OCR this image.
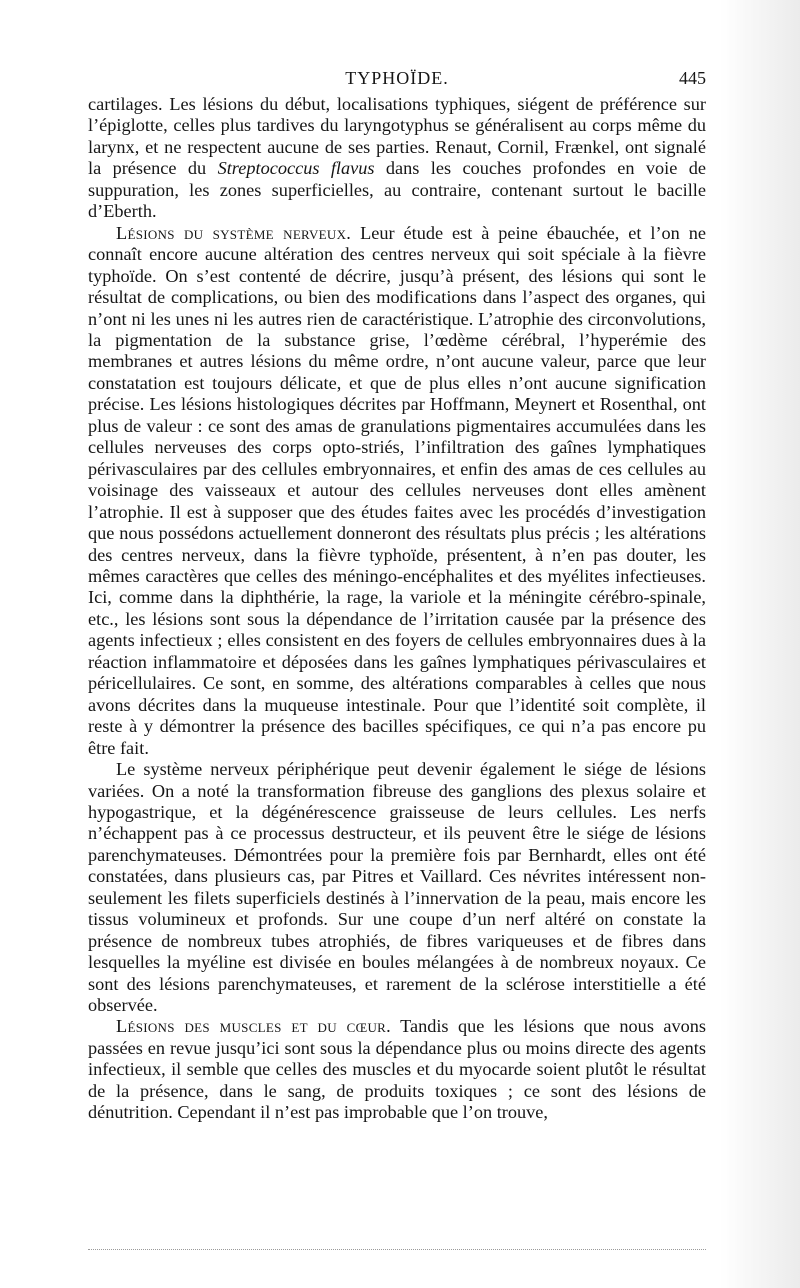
TYPHOÏDE.	445

cartilages. Les lésions du début, localisations typhiques, siégent de préférence sur l’épiglotte, celles plus tardives du laryngotyphus se généralisent au corps même du larynx, et ne respectent aucune de ses parties. Renaut, Cornil, Frænkel, ont signalé la présence du Streptococcus flavus dans les couches profondes en voie de suppuration, les zones superficielles, au contraire, contenant surtout le bacille d’Eberth.

Lésions du système nerveux. Leur étude est à peine ébauchée, et l’on ne connaît encore aucune altération des centres nerveux qui soit spéciale à la fièvre typhoïde. On s’est contenté de décrire, jusqu’à présent, des lésions qui sont le résultat de complications, ou bien des modifications dans l’aspect des organes, qui n’ont ni les unes ni les autres rien de caractéristique. L’atrophie des circonvolutions, la pigmentation de la substance grise, l’œdème cérébral, l’hyperémie des membranes et autres lésions du même ordre, n’ont aucune valeur, parce que leur constatation est toujours délicate, et que de plus elles n’ont aucune signification précise. Les lésions histologiques décrites par Hoffmann, Meynert et Rosenthal, ont plus de valeur : ce sont des amas de granulations pigmentaires accumulées dans les cellules nerveuses des corps opto-striés, l’infiltration des gaînes lymphatiques périvasculaires par des cellules embryonnaires, et enfin des amas de ces cellules au voisinage des vaisseaux et autour des cellules nerveuses dont elles amènent l’atrophie. Il est à supposer que des études faites avec les procédés d’investigation que nous possédons actuellement donneront des résultats plus précis ; les altérations des centres nerveux, dans la fièvre typhoïde, présentent, à n’en pas douter, les mêmes caractères que celles des méningo-encéphalites et des myélites infectieuses. Ici, comme dans la diphthérie, la rage, la variole et la méningite cérébro-spinale, etc., les lésions sont sous la dépendance de l’irritation causée par la présence des agents infectieux ; elles consistent en des foyers de cellules embryonnaires dues à la réaction inflammatoire et déposées dans les gaînes lymphatiques périvasculaires et péricellulaires. Ce sont, en somme, des altérations comparables à celles que nous avons décrites dans la muqueuse intestinale. Pour que l’identité soit complète, il reste à y démontrer la présence des bacilles spécifiques, ce qui n’a pas encore pu être fait.

Le système nerveux périphérique peut devenir également le siége de lésions variées. On a noté la transformation fibreuse des ganglions des plexus solaire et hypogastrique, et la dégénérescence graisseuse de leurs cellules. Les nerfs n’échappent pas à ce processus destructeur, et ils peuvent être le siége de lésions parenchymateuses. Démontrées pour la première fois par Bernhardt, elles ont été constatées, dans plusieurs cas, par Pitres et Vaillard. Ces névrites intéressent non-seulement les filets superficiels destinés à l’innervation de la peau, mais encore les tissus volumineux et profonds. Sur une coupe d’un nerf altéré on constate la présence de nombreux tubes atrophiés, de fibres variqueuses et de fibres dans lesquelles la myéline est divisée en boules mélangées à de nombreux noyaux. Ce sont des lésions parenchymateuses, et rarement de la sclérose interstitielle a été observée.

Lésions des muscles et du cœur. Tandis que les lésions que nous avons passées en revue jusqu’ici sont sous la dépendance plus ou moins directe des agents infectieux, il semble que celles des muscles et du myocarde soient plutôt le résultat de la présence, dans le sang, de produits toxiques ; ce sont des lésions de dénutrition. Cependant il n’est pas improbable que l’on trouve,
